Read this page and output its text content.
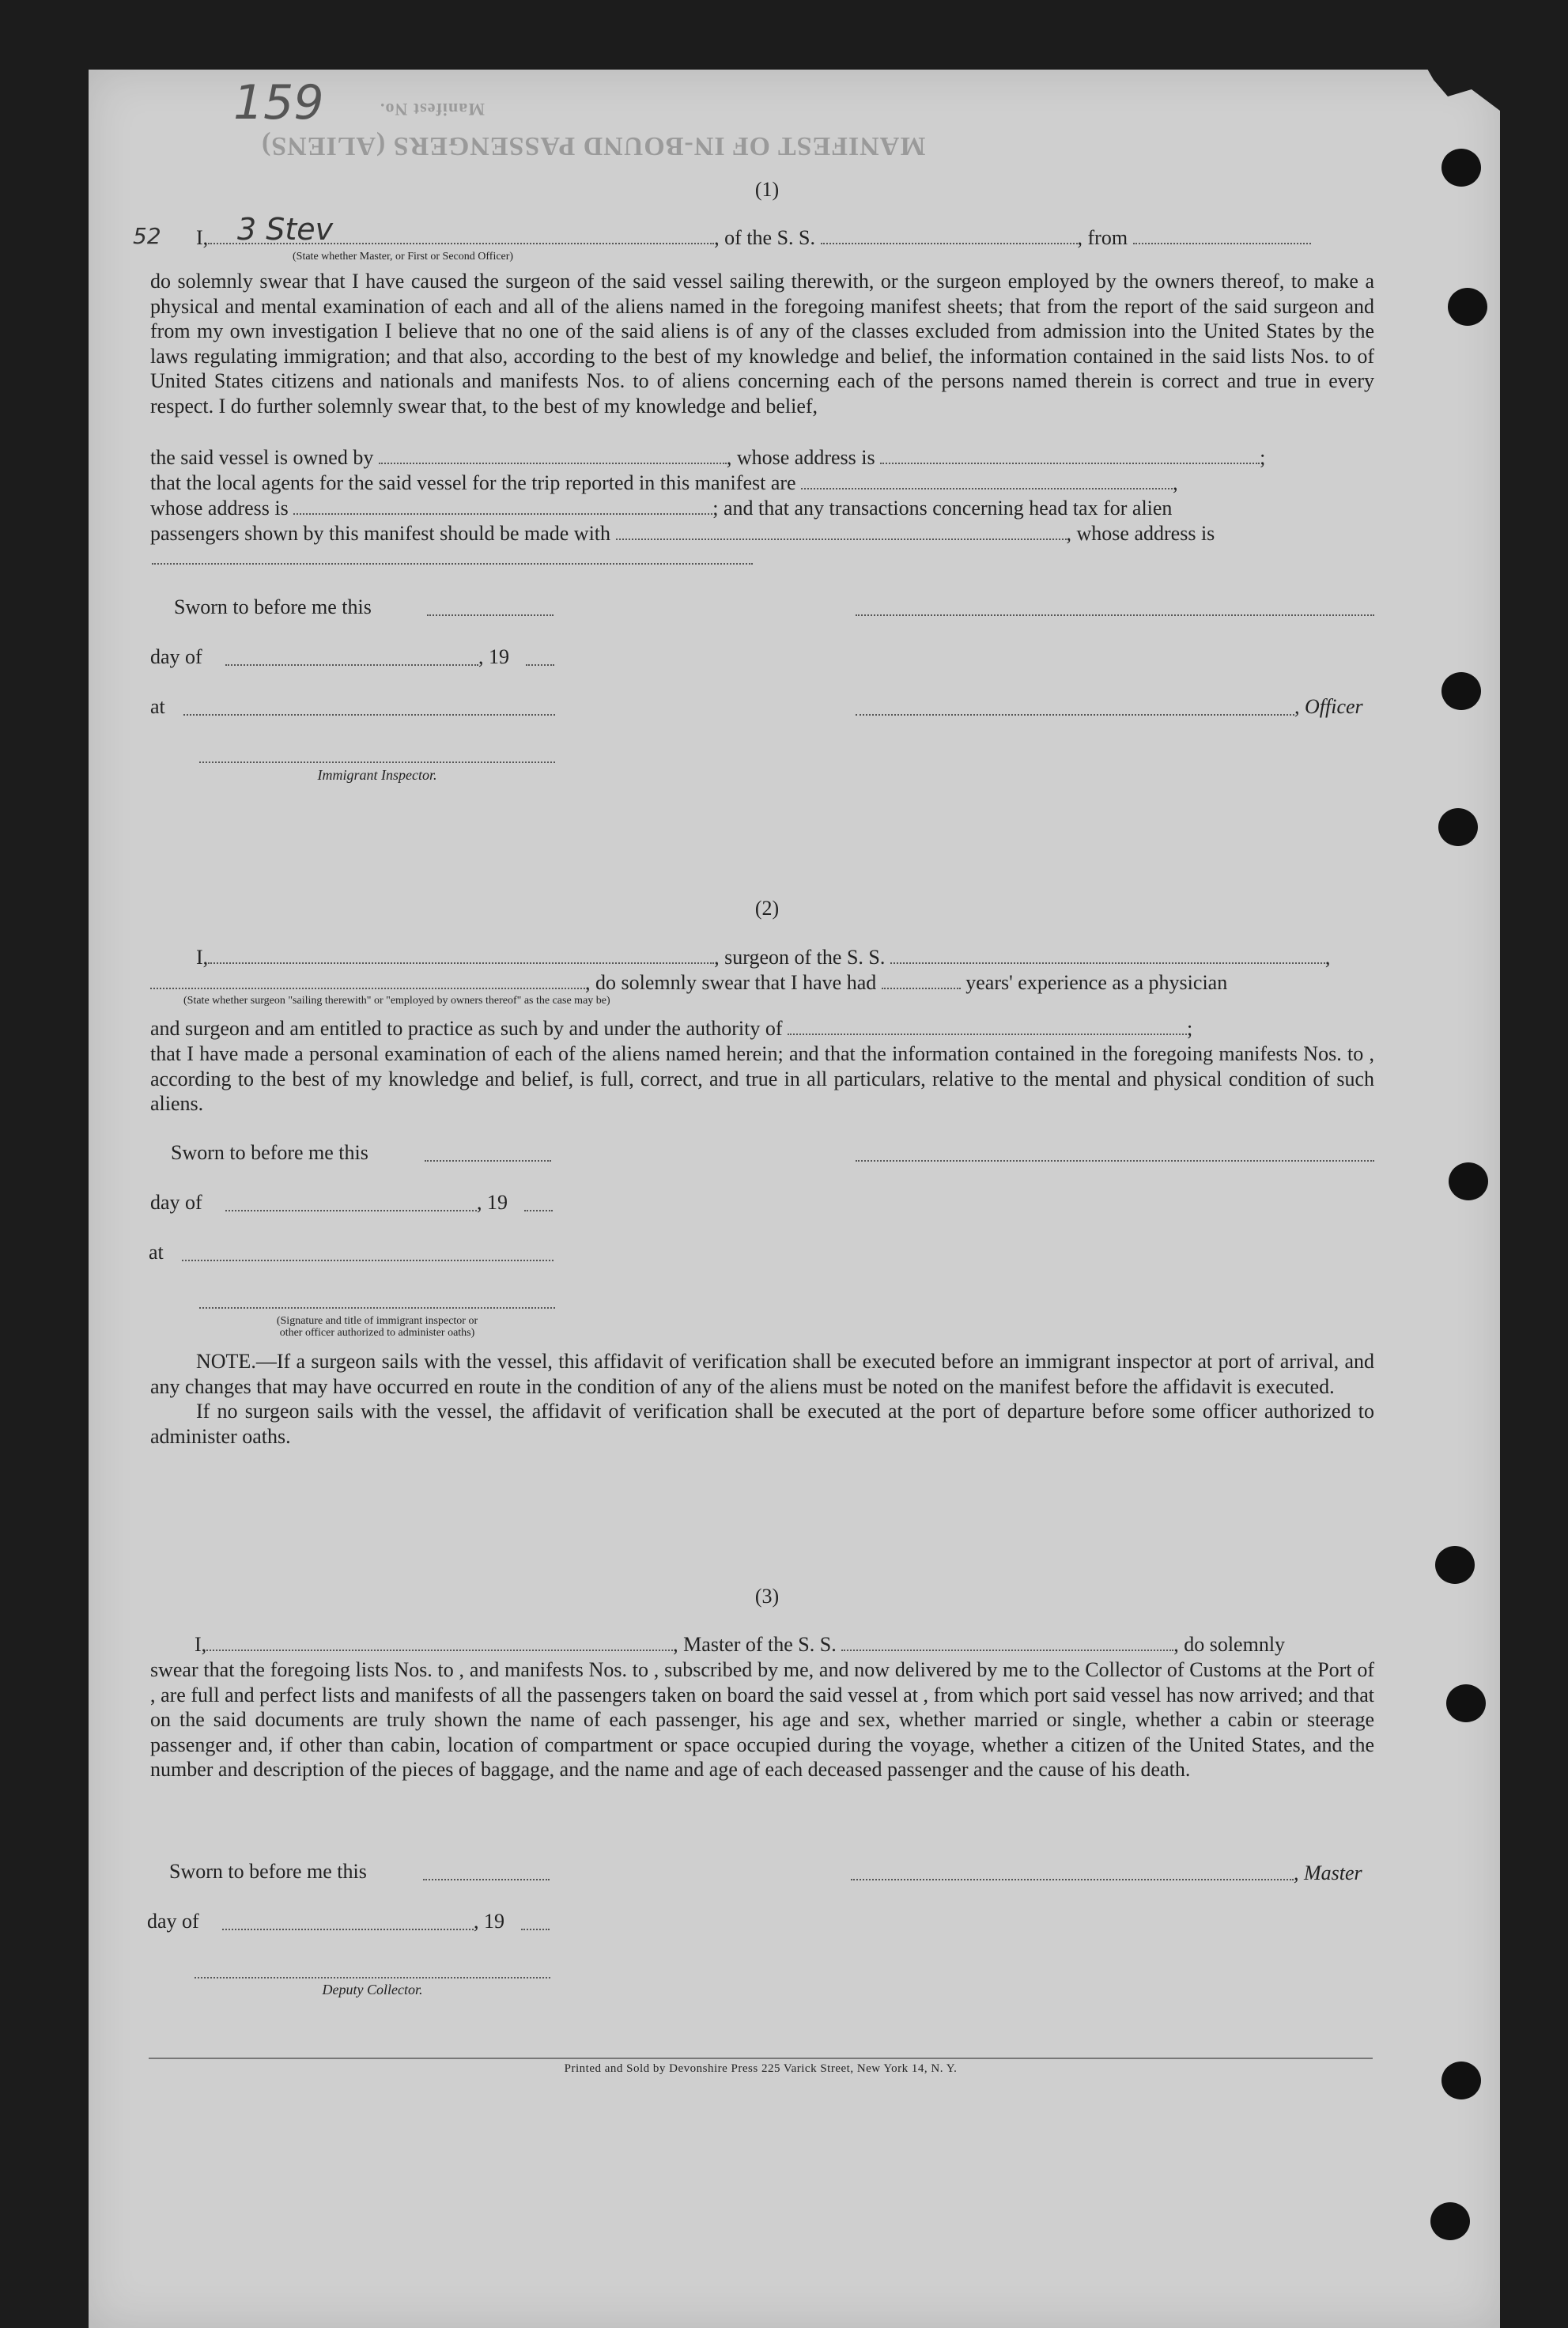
MANIFEST OF IN-BOUND PASSENGERS (ALIENS)
Manifest No.
159
52	3 Stev
(1)
I,	, of the S. S.	, from
(State whether Master, or First or Second Officer)

do solemnly swear that I have caused the surgeon of the said vessel sailing therewith, or the surgeon employed by the owners thereof, to make a physical and mental examination of each and all of the aliens named in the foregoing manifest sheets; that from the report of the said surgeon and from my own investigation I believe that no one of the said aliens is of any of the classes excluded from admission into the United States by the laws regulating immigration; and that also, according to the best of my knowledge and belief, the information contained in the said lists Nos. to of United States citizens and nationals and manifests Nos. to of aliens concerning each of the persons named therein is correct and true in every respect. I do further solemnly swear that, to the best of my knowledge and belief,

the said vessel is owned by	, whose address is	;
that the local agents for the said vessel for the trip reported in this manifest are	,
whose address is	; and that any transactions concerning head tax for alien
passengers shown by this manifest should be made with	, whose address is
Sworn to before me this
day of	, 19
at	, Officer
Immigrant Inspector.
(2)
I,	, surgeon of the S. S.	,
, do solemnly swear that I have had	years' experience as a physician
(State whether surgeon "sailing therewith" or "employed by owners thereof" as the case may be)
and surgeon and am entitled to practice as such by and under the authority of	;

that I have made a personal examination of each of the aliens named herein; and that the information contained in the foregoing manifests Nos. to , according to the best of my knowledge and belief, is full, correct, and true in all particulars, relative to the mental and physical condition of such aliens.

Sworn to before me this
day of	, 19
at
(Signature and title of immigrant inspector or
other officer authorized to administer oaths)

NOTE.—If a surgeon sails with the vessel, this affidavit of verification shall be executed before an immigrant inspector at port of arrival, and any changes that may have occurred en route in the condition of any of the aliens must be noted on the manifest before the affidavit is executed.

If no surgeon sails with the vessel, the affidavit of verification shall be executed at the port of departure before some officer authorized to administer oaths.

(3)
I,	, Master of the S. S.	, do solemnly

swear that the foregoing lists Nos. to , and manifests Nos. to , subscribed by me, and now delivered by me to the Collector of Customs at the Port of , are full and perfect lists and manifests of all the passengers taken on board the said vessel at , from which port said vessel has now arrived; and that on the said documents are truly shown the name of each passenger, his age and sex, whether married or single, whether a cabin or steerage passenger and, if other than cabin, location of compartment or space occupied during the voyage, whether a citizen of the United States, and the number and description of the pieces of baggage, and the name and age of each deceased passenger and the cause of his death.

Sworn to before me this	, Master
day of	, 19
Deputy Collector.
Printed and Sold by Devonshire Press 225 Varick Street, New York 14, N. Y.
